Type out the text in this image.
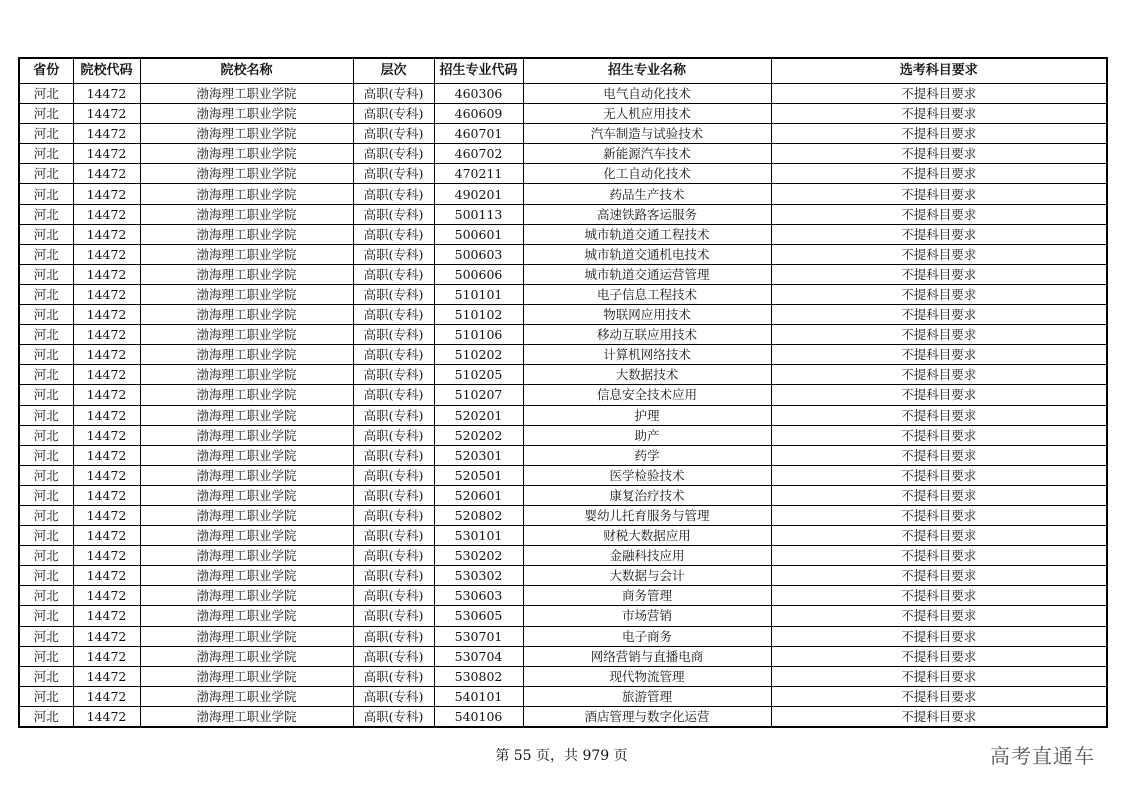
省份	院校代码	院校名称	层次	招生专业代码	招生专业名称	选考科目要求
河北	14472	渤海理工职业学院	高职(专科)	460306	电气自动化技术	不提科目要求
河北	14472	渤海理工职业学院	高职(专科)	460609	无人机应用技术	不提科目要求
河北	14472	渤海理工职业学院	高职(专科)	460701	汽车制造与试验技术	不提科目要求
河北	14472	渤海理工职业学院	高职(专科)	460702	新能源汽车技术	不提科目要求
河北	14472	渤海理工职业学院	高职(专科)	470211	化工自动化技术	不提科目要求
河北	14472	渤海理工职业学院	高职(专科)	490201	药品生产技术	不提科目要求
河北	14472	渤海理工职业学院	高职(专科)	500113	高速铁路客运服务	不提科目要求
河北	14472	渤海理工职业学院	高职(专科)	500601	城市轨道交通工程技术	不提科目要求
河北	14472	渤海理工职业学院	高职(专科)	500603	城市轨道交通机电技术	不提科目要求
河北	14472	渤海理工职业学院	高职(专科)	500606	城市轨道交通运营管理	不提科目要求
河北	14472	渤海理工职业学院	高职(专科)	510101	电子信息工程技术	不提科目要求
河北	14472	渤海理工职业学院	高职(专科)	510102	物联网应用技术	不提科目要求
河北	14472	渤海理工职业学院	高职(专科)	510106	移动互联应用技术	不提科目要求
河北	14472	渤海理工职业学院	高职(专科)	510202	计算机网络技术	不提科目要求
河北	14472	渤海理工职业学院	高职(专科)	510205	大数据技术	不提科目要求
河北	14472	渤海理工职业学院	高职(专科)	510207	信息安全技术应用	不提科目要求
河北	14472	渤海理工职业学院	高职(专科)	520201	护理	不提科目要求
河北	14472	渤海理工职业学院	高职(专科)	520202	助产	不提科目要求
河北	14472	渤海理工职业学院	高职(专科)	520301	药学	不提科目要求
河北	14472	渤海理工职业学院	高职(专科)	520501	医学检验技术	不提科目要求
河北	14472	渤海理工职业学院	高职(专科)	520601	康复治疗技术	不提科目要求
河北	14472	渤海理工职业学院	高职(专科)	520802	婴幼儿托育服务与管理	不提科目要求
河北	14472	渤海理工职业学院	高职(专科)	530101	财税大数据应用	不提科目要求
河北	14472	渤海理工职业学院	高职(专科)	530202	金融科技应用	不提科目要求
河北	14472	渤海理工职业学院	高职(专科)	530302	大数据与会计	不提科目要求
河北	14472	渤海理工职业学院	高职(专科)	530603	商务管理	不提科目要求
河北	14472	渤海理工职业学院	高职(专科)	530605	市场营销	不提科目要求
河北	14472	渤海理工职业学院	高职(专科)	530701	电子商务	不提科目要求
河北	14472	渤海理工职业学院	高职(专科)	530704	网络营销与直播电商	不提科目要求
河北	14472	渤海理工职业学院	高职(专科)	530802	现代物流管理	不提科目要求
河北	14472	渤海理工职业学院	高职(专科)	540101	旅游管理	不提科目要求
河北	14472	渤海理工职业学院	高职(专科)	540106	酒店管理与数字化运营	不提科目要求
第 55 页，共 979 页	高考直通车
